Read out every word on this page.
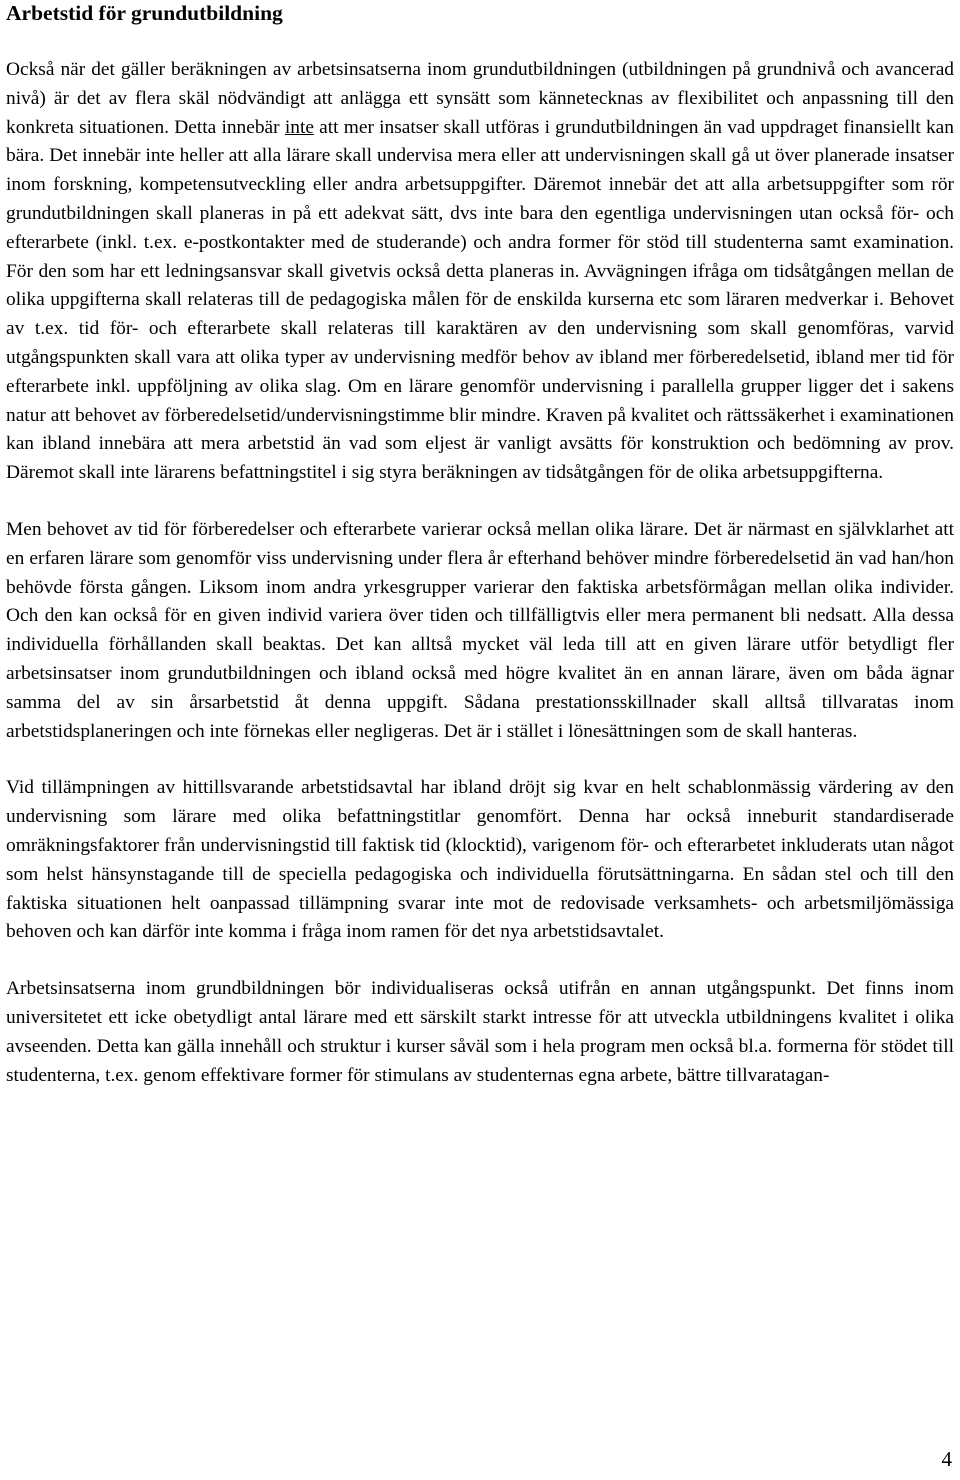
Arbetstid för grundutbildning

Också när det gäller beräkningen av arbetsinsatserna inom grundutbildningen (utbildningen på grundnivå och avancerad nivå) är det av flera skäl nödvändigt att anlägga ett synsätt som kännetecknas av flexibilitet och anpassning till den konkreta situationen. Detta innebär inte att mer insatser skall utföras i grundutbildningen än vad uppdraget finansiellt kan bära. Det innebär inte heller att alla lärare skall undervisa mera eller att undervisningen skall gå ut över planerade insatser inom forskning, kompetensutveckling eller andra arbetsuppgifter. Däremot innebär det att alla arbetsuppgifter som rör grundutbildningen skall planeras in på ett adekvat sätt, dvs inte bara den egentliga undervisningen utan också för- och efterarbete (inkl. t.ex. e-postkontakter med de studerande) och andra former för stöd till studenterna samt examination. För den som har ett ledningsansvar skall givetvis också detta planeras in. Avvägningen ifråga om tidsåtgången mellan de olika uppgifterna skall relateras till de pedagogiska målen för de enskilda kurserna etc som läraren medverkar i. Behovet av t.ex. tid för- och efterarbete skall relateras till karaktären av den undervisning som skall genomföras, varvid utgångspunkten skall vara att olika typer av undervisning medför behov av ibland mer förberedelsetid, ibland mer tid för efterarbete inkl. uppföljning av olika slag. Om en lärare genomför undervisning i parallella grupper ligger det i sakens natur att behovet av förberedelsetid/undervisningstimme blir mindre. Kraven på kvalitet och rättssäkerhet i examinationen kan ibland innebära att mera arbetstid än vad som eljest är vanligt avsätts för konstruktion och bedömning av prov. Däremot skall inte lärarens befattningstitel i sig styra beräkningen av tidsåtgången för de olika arbetsuppgifterna.

Men behovet av tid för förberedelser och efterarbete varierar också mellan olika lärare. Det är närmast en självklarhet att en erfaren lärare som genomför viss undervisning under flera år efterhand behöver mindre förberedelsetid än vad han/hon behövde första gången. Liksom inom andra yrkesgrupper varierar den faktiska arbetsförmågan mellan olika individer. Och den kan också för en given individ variera över tiden och tillfälligtvis eller mera permanent bli nedsatt. Alla dessa individuella förhållanden skall beaktas. Det kan alltså mycket väl leda till att en given lärare utför betydligt fler arbetsinsatser inom grundutbildningen och ibland också med högre kvalitet än en annan lärare, även om båda ägnar samma del av sin årsarbetstid åt denna uppgift. Sådana prestationsskillnader skall alltså tillvaratas inom arbetstidsplaneringen och inte förnekas eller negligeras. Det är i stället i lönesättningen som de skall hanteras.

Vid tillämpningen av hittillsvarande arbetstidsavtal har ibland dröjt sig kvar en helt schablonmässig värdering av den undervisning som lärare med olika befattningstitlar genomfört. Denna har också inneburit standardiserade omräkningsfaktorer från undervisningstid till faktisk tid (klocktid), varigenom för- och efterarbetet inkluderats utan något som helst hänsynstagande till de speciella pedagogiska och individuella förutsättningarna. En sådan stel och till den faktiska situationen helt oanpassad tillämpning svarar inte mot de redovisade verksamhets- och arbetsmiljömässiga behoven och kan därför inte komma i fråga inom ramen för det nya arbetstidsavtalet.

Arbetsinsatserna inom grundbildningen bör individualiseras också utifrån en annan utgångspunkt. Det finns inom universitetet ett icke obetydligt antal lärare med ett särskilt starkt intresse för att utveckla utbildningens kvalitet i olika avseenden. Detta kan gälla innehåll och struktur i kurser såväl som i hela program men också bl.a. formerna för stödet till studenterna, t.ex. genom effektivare former för stimulans av studenternas egna arbete, bättre tillvaratagan-

4
